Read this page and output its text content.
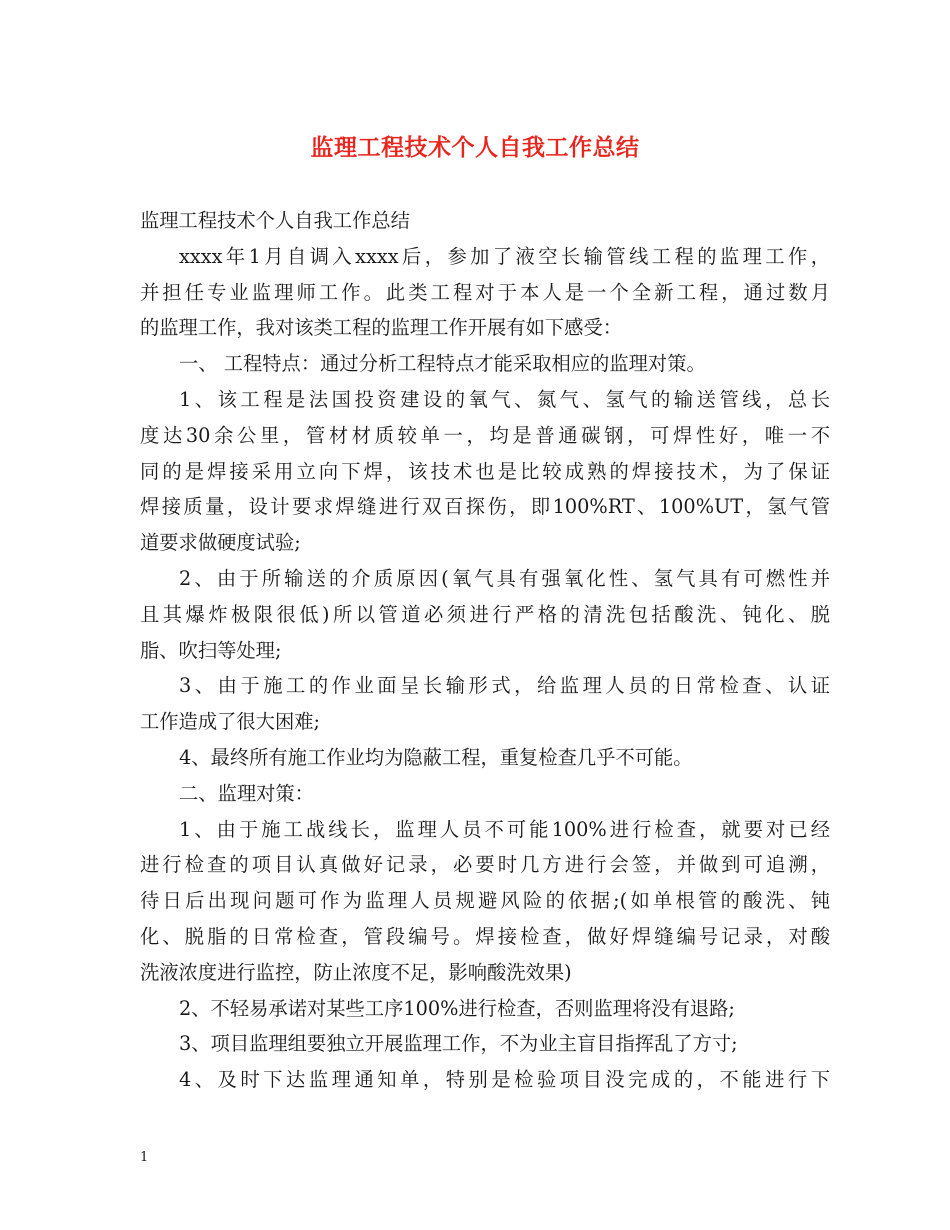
监理工程技术个人自我工作总结
监理工程技术个人自我工作总结
xxxx年1月自调入xxxx后，参加了液空长输管线工程的监理工作，
并担任专业监理师工作。此类工程对于本人是一个全新工程，通过数月
的监理工作，我对该类工程的监理工作开展有如下感受：
一、 工程特点：通过分析工程特点才能采取相应的监理对策。
1、该工程是法国投资建设的氧气、氮气、氢气的输送管线，总长
度达30余公里，管材材质较单一，均是普通碳钢，可焊性好，唯一不
同的是焊接采用立向下焊，该技术也是比较成熟的焊接技术，为了保证
焊接质量，设计要求焊缝进行双百探伤，即100%RT、100%UT，氢气管
道要求做硬度试验;
2、由于所输送的介质原因(氧气具有强氧化性、氢气具有可燃性并
且其爆炸极限很低)所以管道必须进行严格的清洗包括酸洗、钝化、脱
脂、吹扫等处理;
3、由于施工的作业面呈长输形式，给监理人员的日常检查、认证
工作造成了很大困难;
4、最终所有施工作业均为隐蔽工程，重复检查几乎不可能。
二、监理对策：
1、由于施工战线长，监理人员不可能100%进行检查，就要对已经
进行检查的项目认真做好记录，必要时几方进行会签，并做到可追溯，
待日后出现问题可作为监理人员规避风险的依据;(如单根管的酸洗、钝
化、脱脂的日常检查，管段编号。焊接检查，做好焊缝编号记录，对酸
洗液浓度进行监控，防止浓度不足，影响酸洗效果)
2、不轻易承诺对某些工序100%进行检查，否则监理将没有退路;
3、项目监理组要独立开展监理工作，不为业主盲目指挥乱了方寸;
4、及时下达监理通知单，特别是检验项目没完成的，不能进行下
1
